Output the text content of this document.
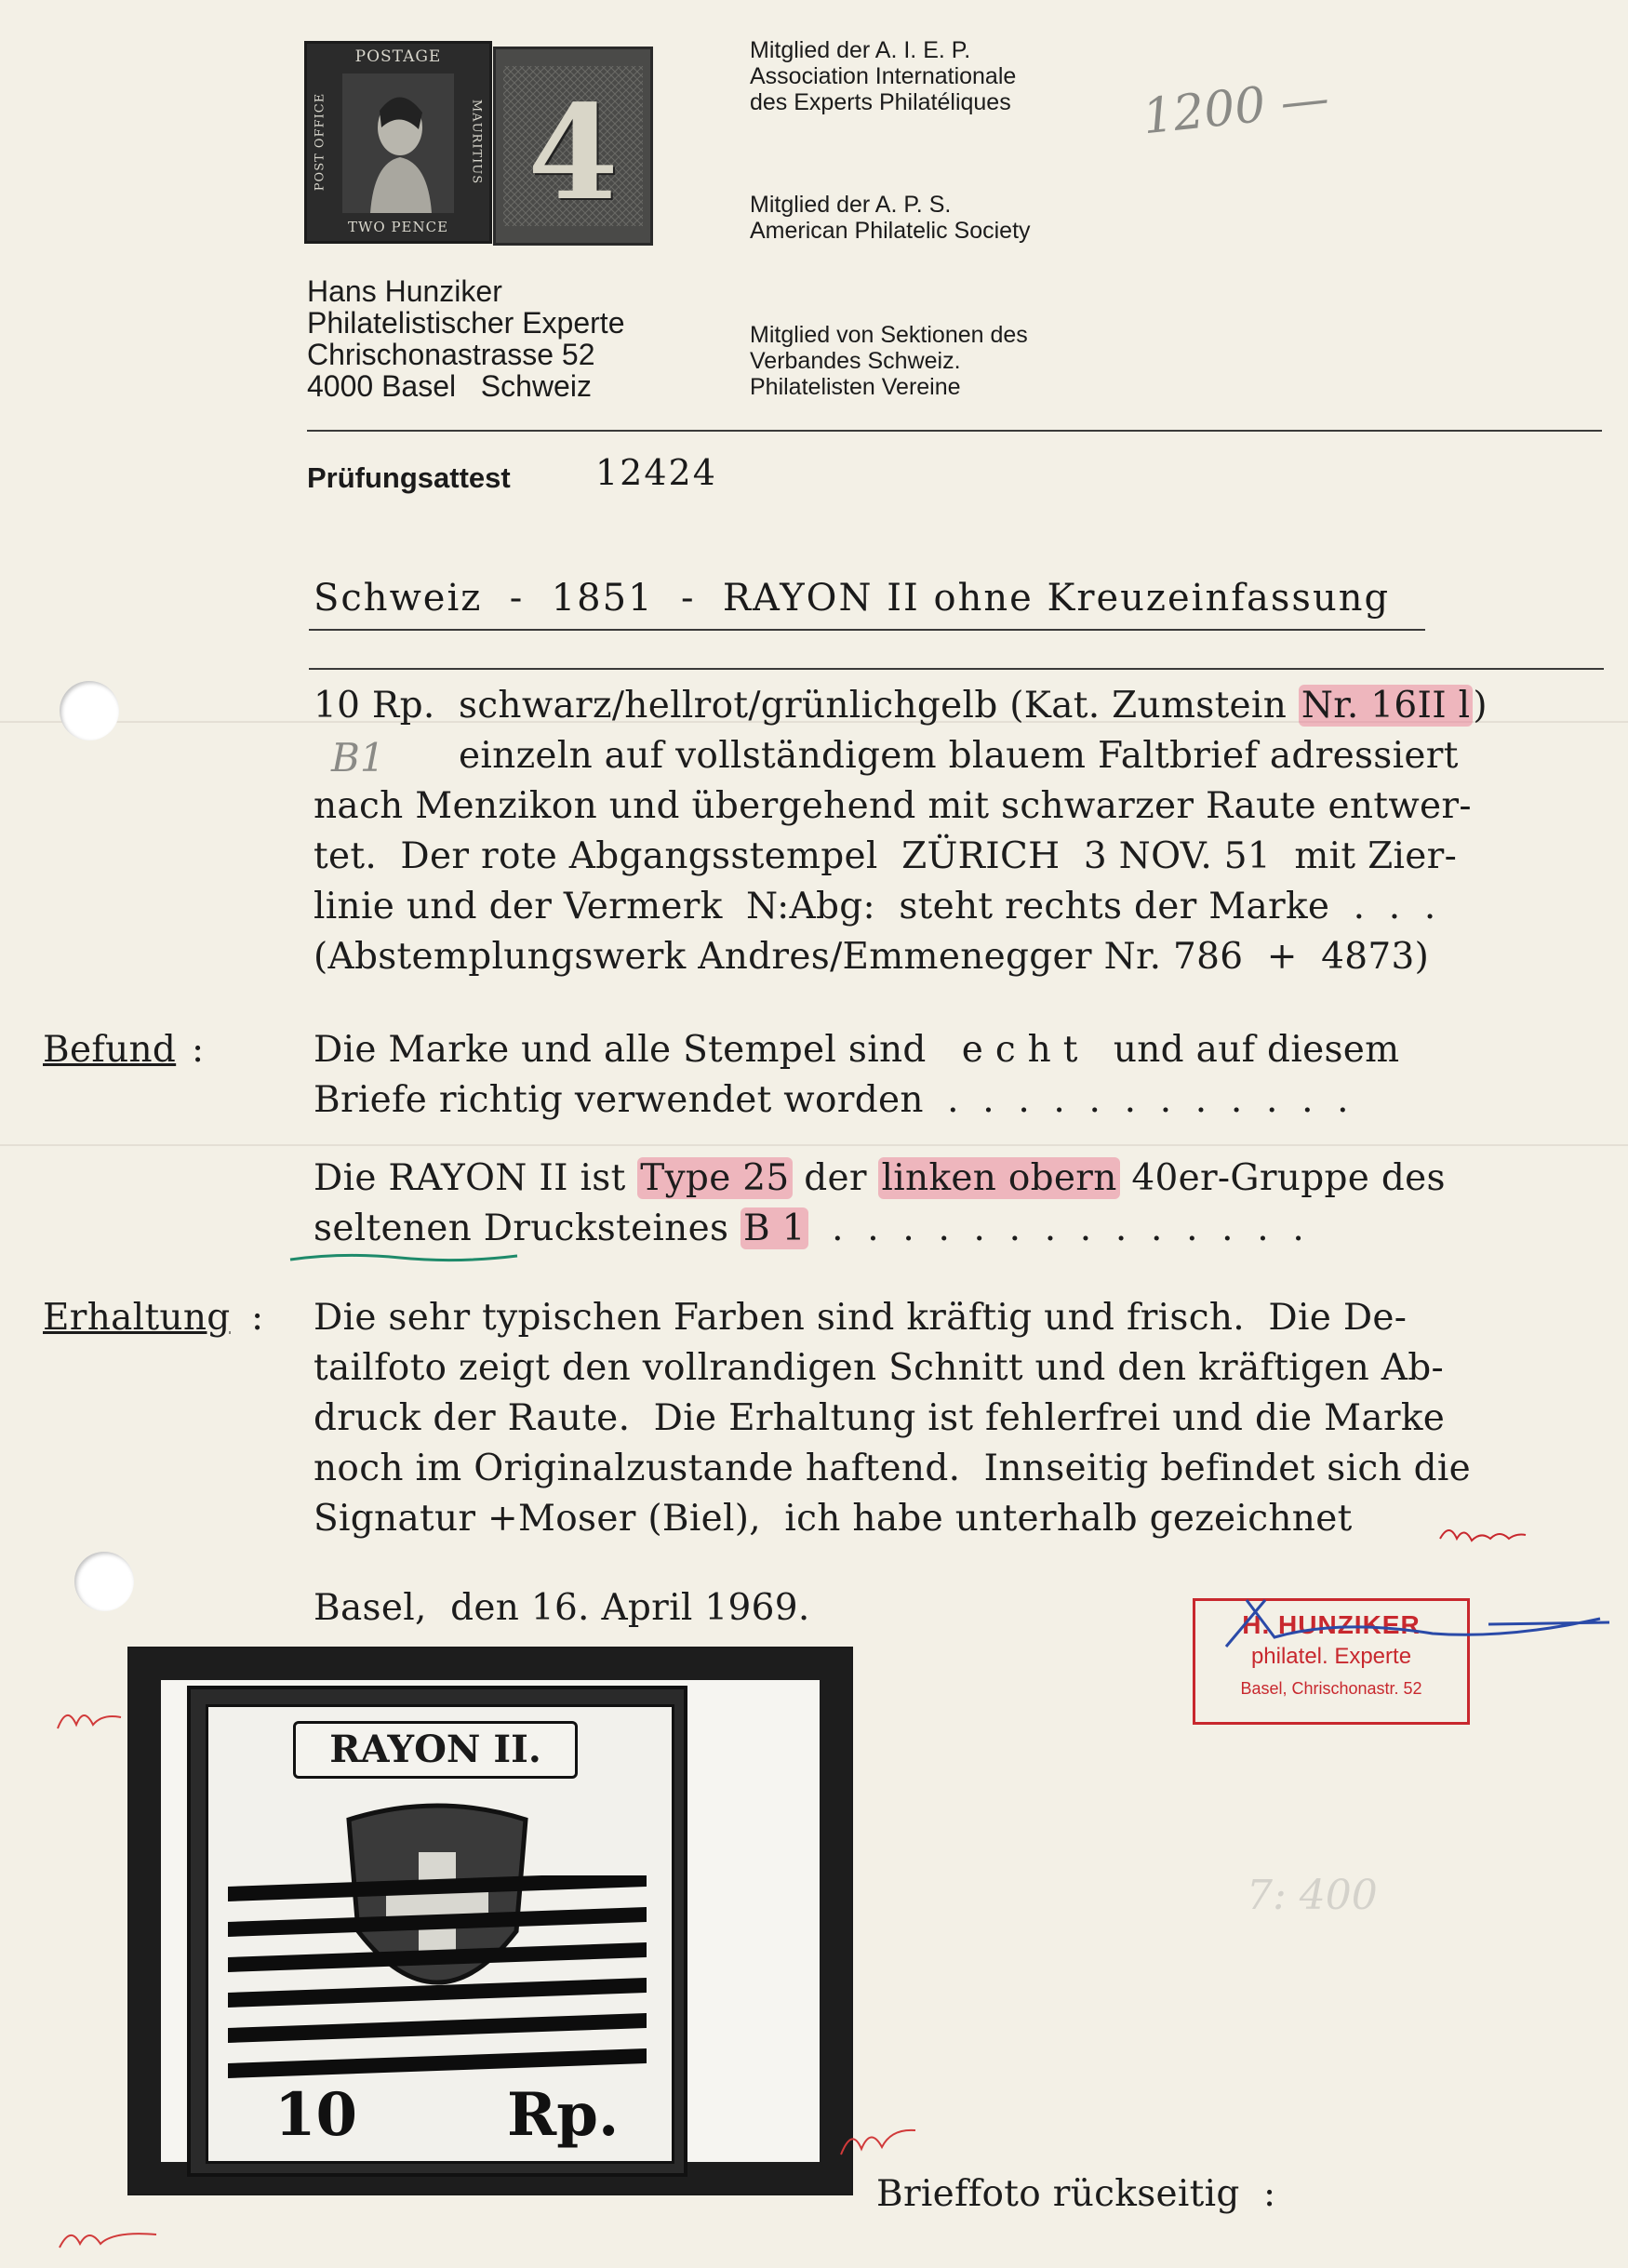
POSTAGE
TWO PENCE
POST OFFICE	MAURITIUS 4
Mitglied der A. I. E. P.
Association Internationale
des Experts Philatéliques
Mitglied der A. P. S.
American Philatelic Society
Mitglied von Sektionen des
Verbandes Schweiz.
Philatelisten Vereine
1200 —
Hans Hunziker
Philatelistischer Experte
Chrischonastrasse 52
4000 Basel   Schweiz
Prüfungsattest 12424
Schweiz  -  1851  -  RAYON II ohne Kreuzeinfassung
10 Rp.  schwarz/hellrot/grünlichgelb (Kat. Zumstein Nr. 16II l)
B1 einzeln auf vollständigem blauem Faltbrief adressiert
nach Menzikon und übergehend mit schwarzer Raute entwer-
tet.  Der rote Abgangsstempel  ZÜRICH  3 NOV. 51  mit Zier-
linie und der Vermerk  N:Abg:  steht rechts der Marke  .  .  .
(Abstemplungswerk Andres/Emmenegger Nr. 786  +  4873)
Befund :	Die Marke und alle Stempel sind   e c h t   und auf diesem
Briefe richtig verwendet worden  .  .  .  .  .  .  .  .  .  .  .  .
Die RAYON II ist Type 25 der linken obern 40er-Gruppe des
seltenen Drucksteines B 1  .  .  .  .  .  .  .  .  .  .  .  .  .  .
Erhaltung : Die sehr typischen Farben sind kräftig und frisch.  Die De-
tailfoto zeigt den vollrandigen Schnitt und den kräftigen Ab-
druck der Raute.  Die Erhaltung ist fehlerfrei und die Marke
noch im Originalzustande haftend.  Innseitig befindet sich die
Signatur +Moser (Biel),  ich habe unterhalb gezeichnet
Basel,  den 16. April 1969.
RAYON II.
10	Rp.
H. HUNZIKER
philatel. Experte
Basel, Chrischonastr. 52
7: 400
Brieffoto rückseitig  :
